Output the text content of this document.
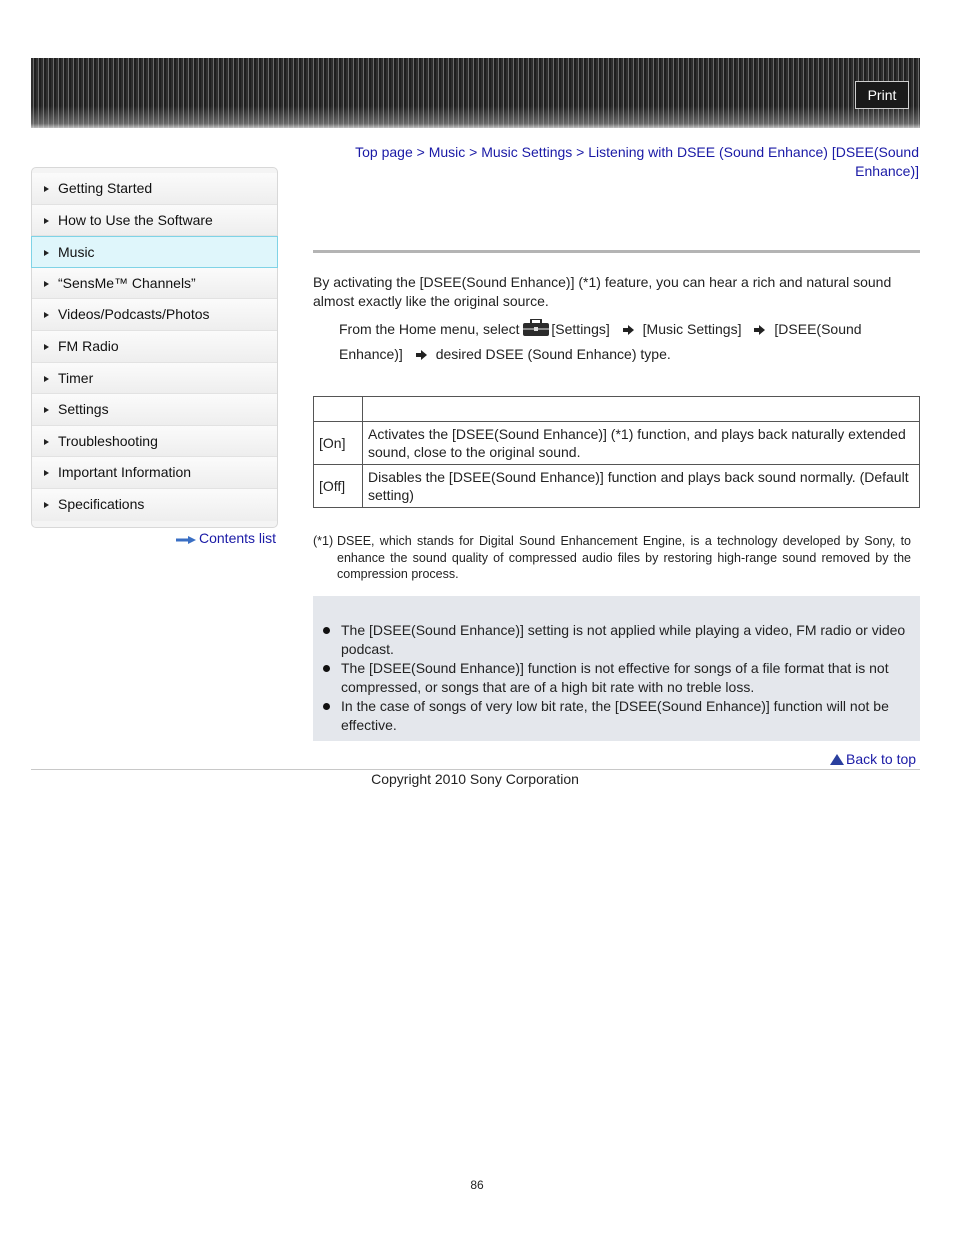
Print
Top page > Music > Music Settings > Listening with DSEE (Sound Enhance) [DSEE(Sound Enhance)]
Getting Started
How to Use the Software
Music
“SensMe™ Channels”
Videos/Podcasts/Photos
FM Radio
Timer
Settings
Troubleshooting
Important Information
Specifications
Contents list
By activating the [DSEE(Sound Enhance)] (*1) feature, you can hear a rich and natural sound almost exactly like the original source.
From the Home menu, select [Settings] [Music Settings] [DSEE(Sound Enhance)] desired DSEE (Sound Enhance) type.

[On]	Activates the [DSEE(Sound Enhance)] (*1) function, and plays back naturally extended sound, close to the original sound.
[Off]	Disables the [DSEE(Sound Enhance)] function and plays back sound normally. (Default setting)
(*1) DSEE, which stands for Digital Sound Enhancement Engine, is a technology developed by Sony, to enhance the sound quality of compressed audio files by restoring high-range sound removed by the compression process.
The [DSEE(Sound Enhance)] setting is not applied while playing a video, FM radio or video podcast.
The [DSEE(Sound Enhance)] function is not effective for songs of a file format that is not compressed, or songs that are of a high bit rate with no treble loss.
In the case of songs of very low bit rate, the [DSEE(Sound Enhance)] function will not be effective.
Back to top
Copyright 2010 Sony Corporation
86
